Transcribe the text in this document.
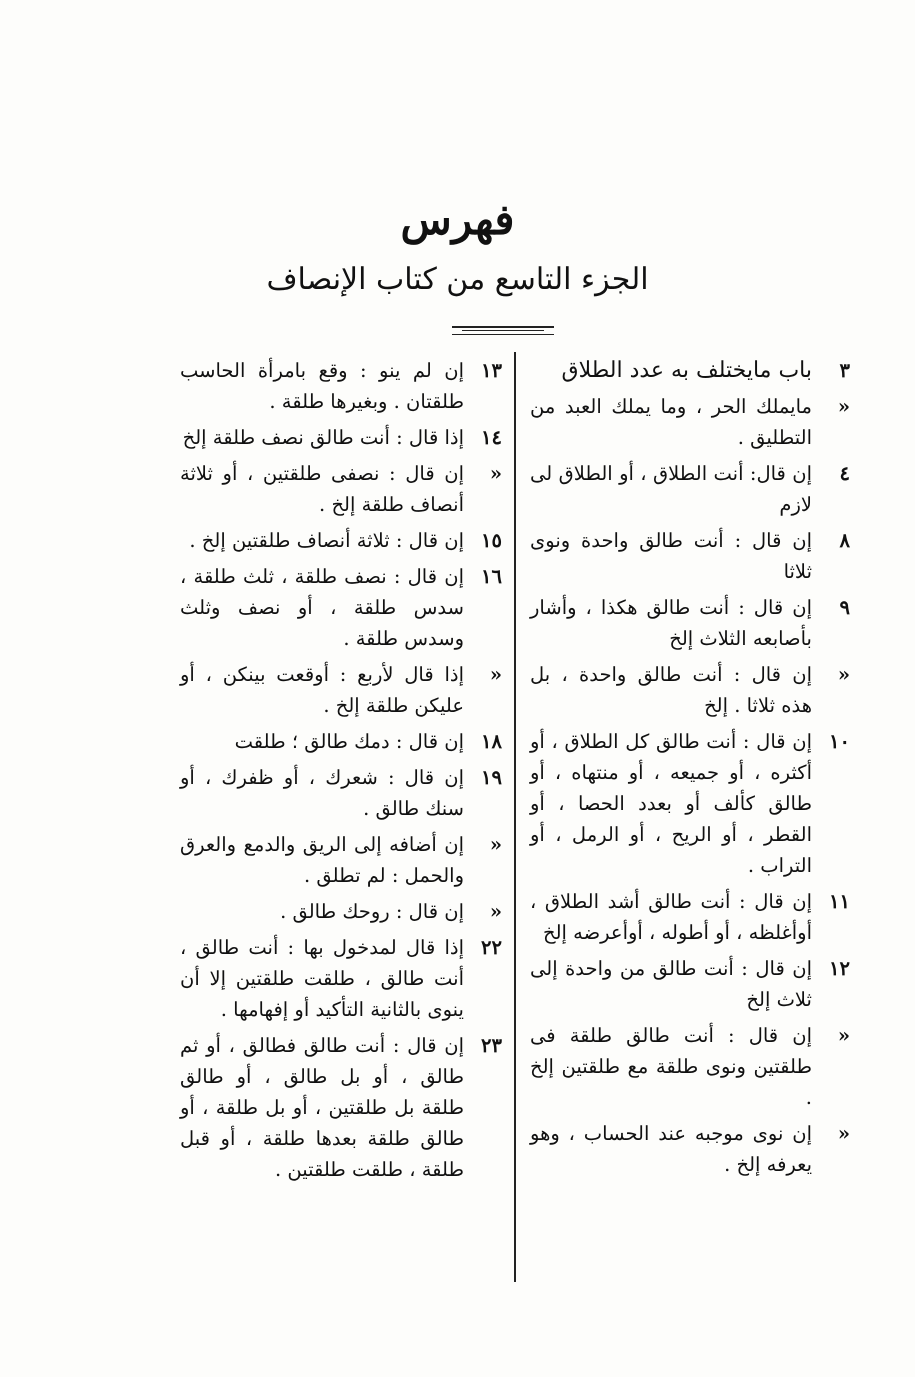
فهرس
الجزء التاسع من كتاب الإنصاف
٣
باب مايختلف به عدد الطلاق
«
مايملك الحر ، وما يملك العبد من التطليق .
٤
إن قال: أنت الطلاق ، أو الطلاق لى لازم
٨
إن قال : أنت طالق واحدة ونوى ثلاثا
٩
إن قال : أنت طالق هكذا ، وأشار بأصابعه الثلاث إلخ
«
إن قال : أنت طالق واحدة ، بل هذه ثلاثا . إلخ
١٠
إن قال : أنت طالق كل الطلاق ، أو أكثره ، أو جميعه ، أو منتهاه ، أو طالق كألف أو بعدد الحصا ، أو القطر ، أو الريح ، أو الرمل ، أو التراب .
١١
إن قال : أنت طالق أشد الطلاق ، أوأغلظه ، أو أطوله ، أوأعرضه إلخ
١٢
إن قال : أنت طالق من واحدة إلى ثلاث إلخ
«
إن قال : أنت طالق طلقة فى طلقتين ونوى طلقة مع طلقتين إلخ .
«
إن نوى موجبه عند الحساب ، وهو يعرفه إلخ .
١٣
إن لم ينو : وقع بامرأة الحاسب طلقتان . وبغيرها طلقة .
١٤
إذا قال : أنت طالق نصف طلقة إلخ
«
إن قال : نصفى طلقتين ، أو ثلاثة أنصاف طلقة إلخ .
١٥
إن قال : ثلاثة أنصاف طلقتين إلخ .
١٦
إن قال : نصف طلقة ، ثلث طلقة ، سدس طلقة ، أو نصف وثلث وسدس طلقة .
«
إذا قال لأربع : أوقعت بينكن ، أو عليكن طلقة إلخ .
١٨
إن قال : دمك طالق ؛ طلقت
١٩
إن قال : شعرك ، أو ظفرك ، أو سنك طالق .
«
إن أضافه إلى الريق والدمع والعرق والحمل : لم تطلق .
«
إن قال : روحك طالق .
٢٢
إذا قال لمدخول بها : أنت طالق ، أنت طالق ، طلقت طلقتين إلا أن ينوى بالثانية التأكيد أو إفهامها .
٢٣
إن قال : أنت طالق فطالق ، أو ثم طالق ، أو بل طالق ، أو طالق طلقة بل طلقتين ، أو بل طلقة ، أو طالق طلقة بعدها طلقة ، أو قبل طلقة ، طلقت طلقتين .
